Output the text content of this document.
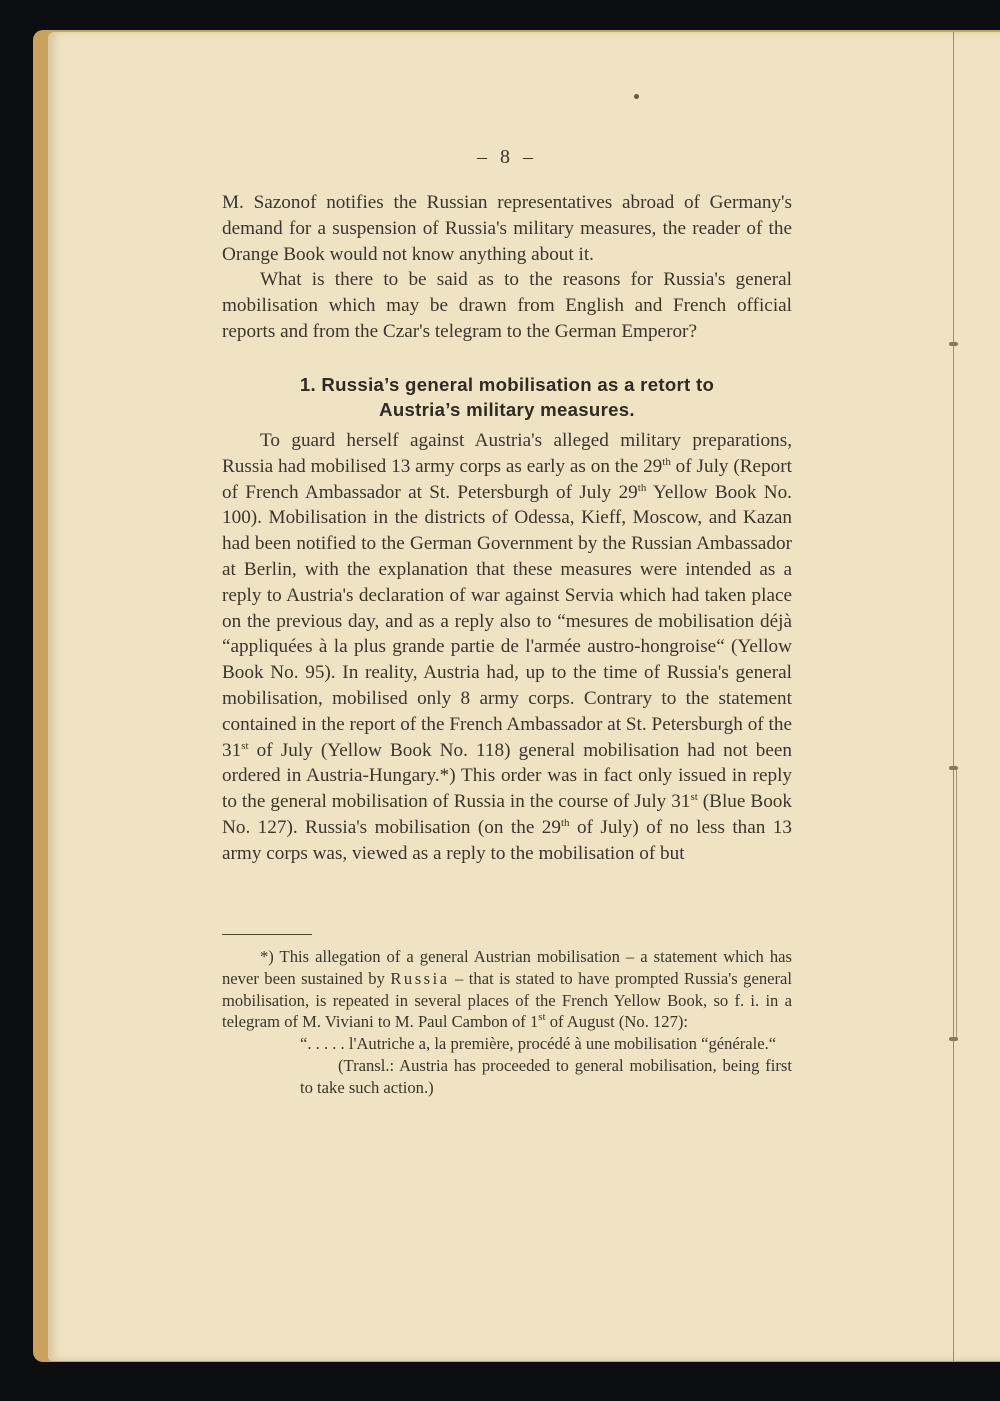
– 8 –

M. Sazonof notifies the Russian representatives abroad of Germany's demand for a suspension of Russia's military measures, the reader of the Orange Book would not know anything about it.

What is there to be said as to the reasons for Russia's general mobilisation which may be drawn from English and French official reports and from the Czar's telegram to the German Emperor?

1. Russia’s general mobilisation as a retort to

Austria’s military measures.

To guard herself against Austria's alleged military preparations, Russia had mobilised 13 army corps as early as on the 29th of July (Report of French Ambassador at St. Petersburgh of July 29th Yellow Book No. 100). Mobilisation in the districts of Odessa, Kieff, Moscow, and Kazan had been notified to the German Government by the Russian Ambassador at Berlin, with the explanation that these measures were intended as a reply to Austria's declaration of war against Servia which had taken place on the previous day, and as a reply also to “mesures de mobilisation déjà “appliquées à la plus grande partie de l'armée austro-hongroise“ (Yellow Book No. 95). In reality, Austria had, up to the time of Russia's general mobilisation, mobilised only 8 army corps. Contrary to the statement contained in the report of the French Ambassador at St. Petersburgh of the 31st of July (Yellow Book No. 118) general mobilisation had not been ordered in Austria-Hungary.*) This order was in fact only issued in reply to the general mobilisation of Russia in the course of July 31st (Blue Book No. 127). Russia's mobilisation (on the 29th of July) of no less than 13 army corps was, viewed as a reply to the mobilisation of but

*) This allegation of a general Austrian mobilisation – a statement which has never been sustained by Russia – that is stated to have prompted Russia's general mobilisation, is repeated in several places of the French Yellow Book, so f. i. in a telegram of M. Viviani to M. Paul Cambon of 1st of August (No. 127):

“. . . . . l'Autriche a, la première, procédé à une mobilisation “générale.“

(Transl.: Austria has proceeded to general mobilisation, being first to take such action.)
